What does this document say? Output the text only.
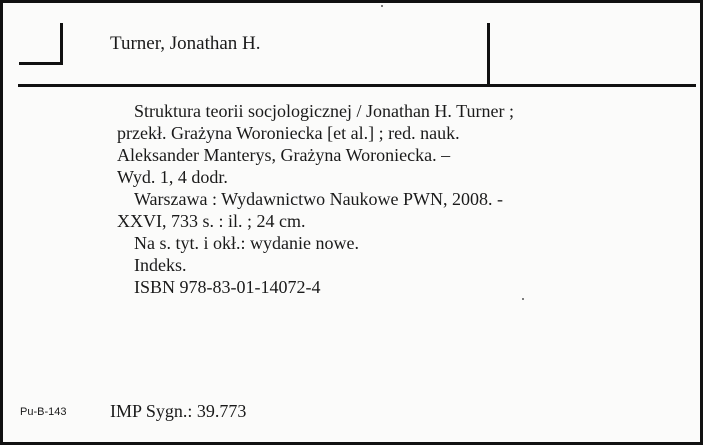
Turner, Jonathan H.
Struktura teorii socjologicznej / Jonathan H. Turner ;
przekł. Grażyna Woroniecka [et al.] ; red. nauk.
Aleksander Manterys, Grażyna Woroniecka. –
Wyd. 1, 4 dodr.
Warszawa : Wydawnictwo Naukowe PWN, 2008. -
XXVI, 733 s. : il. ; 24 cm.
Na s. tyt. i okł.: wydanie nowe.
Indeks.
ISBN 978-83-01-14072-4
Pu-B-143 IMP Sygn.: 39.773
